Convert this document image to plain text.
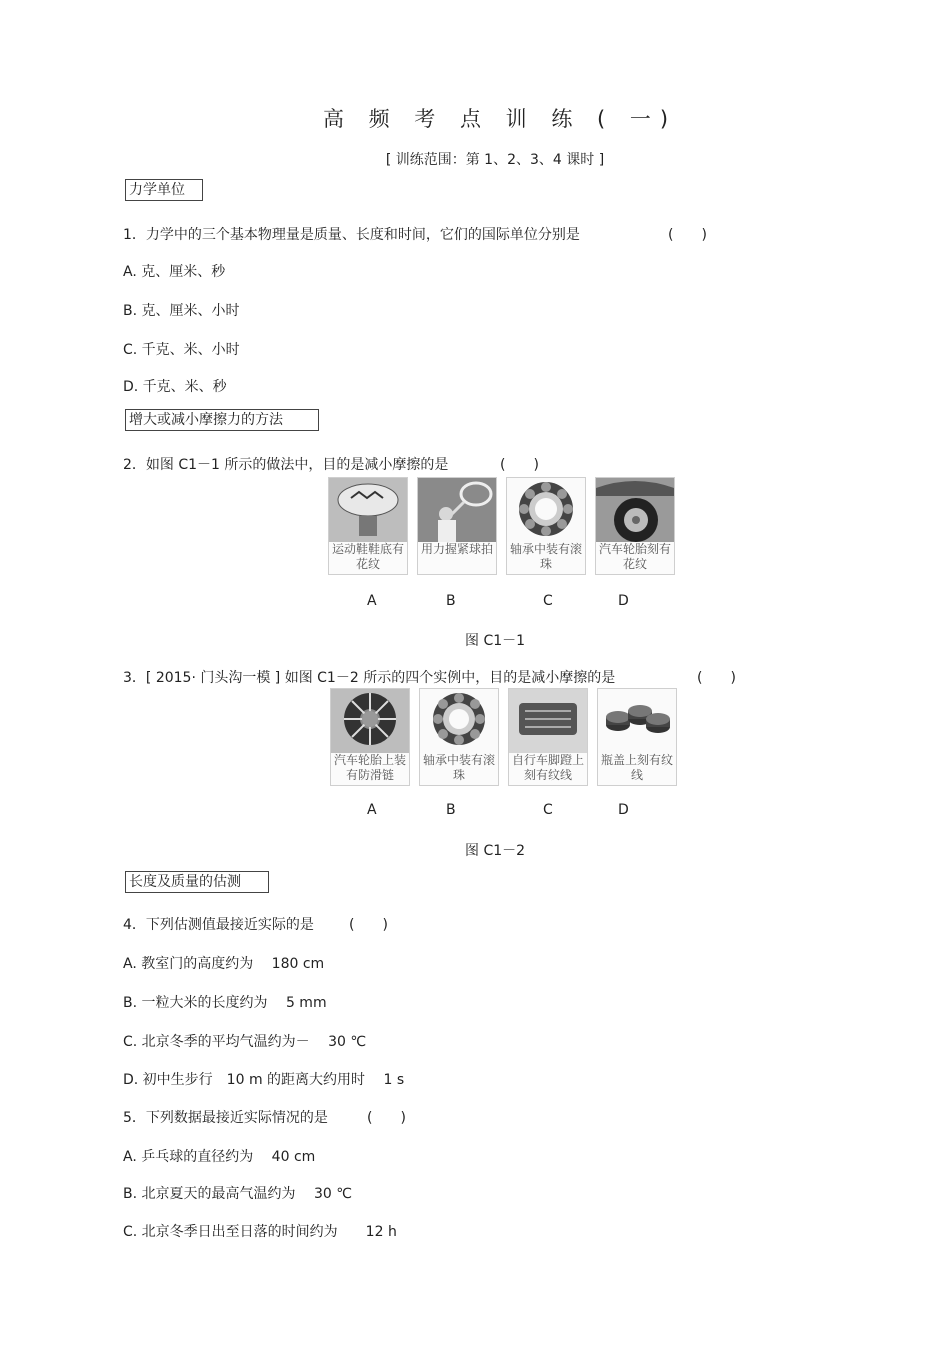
高 频 考 点 训 练 ( 一)
[ 训练范围：第 1、2、3、4 课时 ]
力学单位
1．力学中的三个基本物理量是质量、长度和时间，它们的国际单位分别是	(　　)
A. 克、厘米、秒
B. 克、厘米、小时
C. 千克、米、小时
D. 千克、米、秒
增大或减小摩擦力的方法
2．如图 C1－1 所示的做法中，目的是减小摩擦的是	(　　)
运动鞋鞋底有花纹
用力握紧球拍 轴承中装有滚珠
汽车轮胎刻有花纹
A	B	C	D
图 C1－1
3．[ 2015· 门头沟一模 ] 如图 C1－2 所示的四个实例中，目的是减小摩擦的是	(　　)
汽车轮胎上装有防滑链
轴承中装有滚珠
自行车脚蹬上刻有纹线
瓶盖上刻有纹线
A	B	C	D
图 C1－2
长度及质量的估测
4．下列估测值最接近实际的是	(　　)
A. 教室门的高度约为　 180 cm
B. 一粒大米的长度约为　 5 mm
C. 北京冬季的平均气温约为－　 30 ℃
D. 初中生步行　10 m 的距离大约用时　 1 s
5．下列数据最接近实际情况的是	(　　)
A. 乒乓球的直径约为　 40 cm
B. 北京夏天的最高气温约为　 30 ℃
C. 北京冬季日出至日落的时间约为　　12 h
